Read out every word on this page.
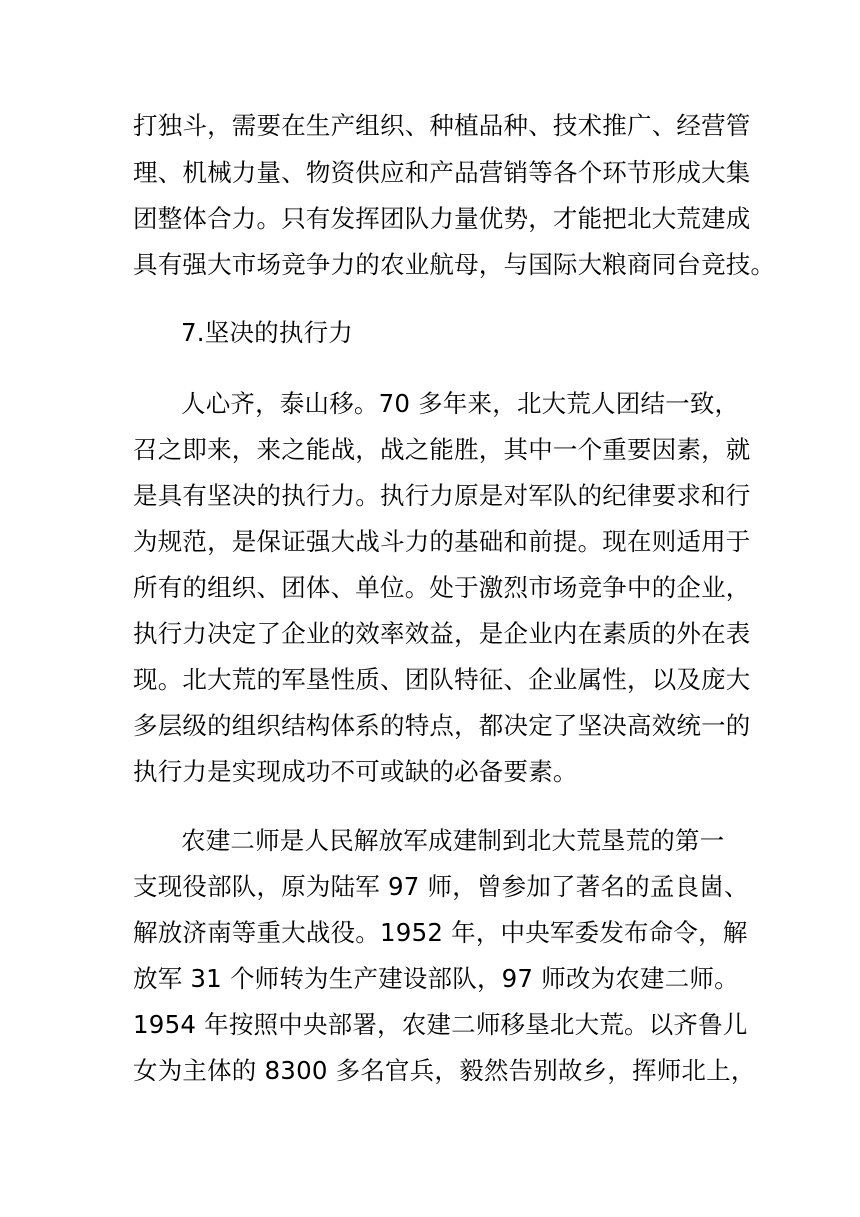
打独斗，需要在生产组织、种植品种、技术推广、经营管
理、机械力量、物资供应和产品营销等各个环节形成大集
团整体合力。只有发挥团队力量优势，才能把北大荒建成
具有强大市场竞争力的农业航母，与国际大粮商同台竞技。
7.坚决的执行力
人心齐，泰山移。70 多年来，北大荒人团结一致，
召之即来，来之能战，战之能胜，其中一个重要因素，就
是具有坚决的执行力。执行力原是对军队的纪律要求和行
为规范，是保证强大战斗力的基础和前提。现在则适用于
所有的组织、团体、单位。处于激烈市场竞争中的企业，
执行力决定了企业的效率效益，是企业内在素质的外在表
现。北大荒的军垦性质、团队特征、企业属性，以及庞大
多层级的组织结构体系的特点，都决定了坚决高效统一的
执行力是实现成功不可或缺的必备要素。
农建二师是人民解放军成建制到北大荒垦荒的第一
支现役部队，原为陆军 97 师，曾参加了著名的孟良崮、
解放济南等重大战役。1952 年，中央军委发布命令，解
放军 31 个师转为生产建设部队，97 师改为农建二师。
1954 年按照中央部署，农建二师移垦北大荒。以齐鲁儿
女为主体的 8300 多名官兵，毅然告别故乡，挥师北上，
